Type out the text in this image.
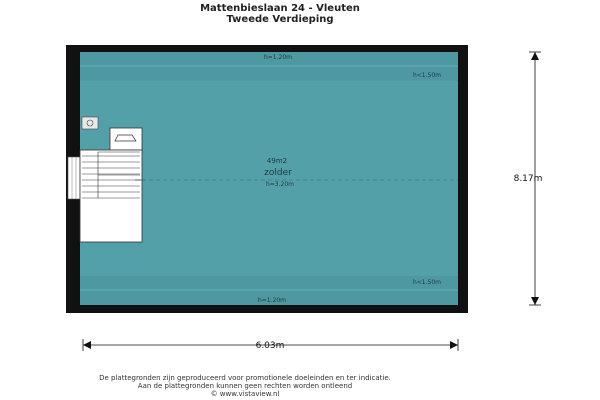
Mattenbieslaan 24 - Vleuten
Tweede Verdieping
49m2
zolder
h=3.20m
h=1.20m
h<1.50m
h<1.50m
h=1.20m
8.17m
6.03m
De plattegronden zijn geproduceerd voor promotionele doeleinden en ter indicatie.
Aan de plattegronden kunnen geen rechten worden ontleend
© www.vistaview.nl
